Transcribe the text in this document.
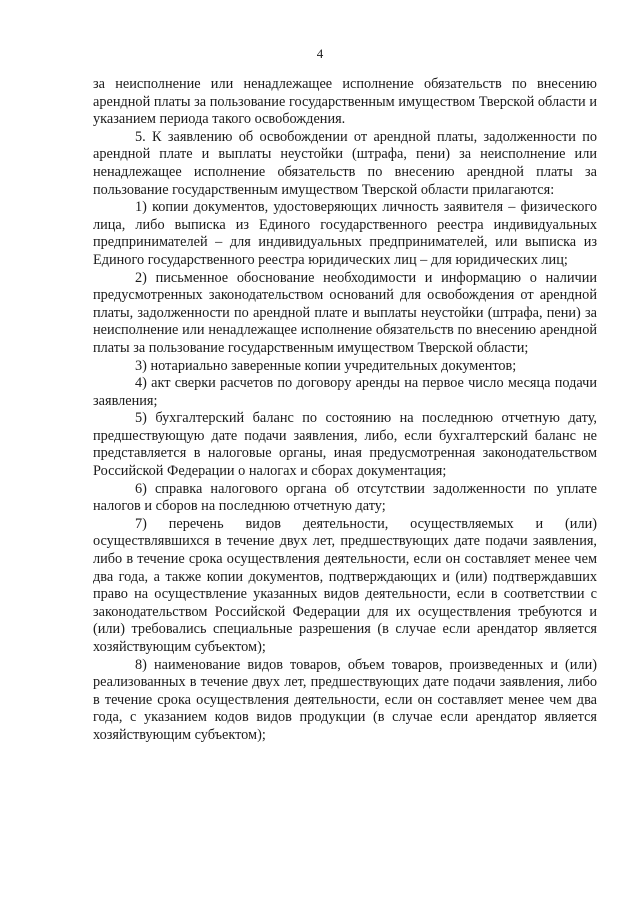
4

за неисполнение или ненадлежащее исполнение обязательств по внесению арендной платы за пользование государственным имуществом Тверской области и указанием периода такого освобождения.

5. К заявлению об освобождении от арендной платы, задолженности по арендной плате и выплаты неустойки (штрафа, пени) за неисполнение или ненадлежащее исполнение обязательств по внесению арендной платы за пользование государственным имуществом Тверской области прилагаются:

1) копии документов, удостоверяющих личность заявителя – физического лица, либо выписка из Единого государственного реестра индивидуальных предпринимателей – для индивидуальных предпринимателей, или выписка из Единого государственного реестра юридических лиц – для юридических лиц;

2) письменное обоснование необходимости и информацию о наличии предусмотренных законодательством оснований для освобождения от арендной платы, задолженности по арендной плате и выплаты неустойки (штрафа, пени) за неисполнение или ненадлежащее исполнение обязательств по внесению арендной платы за пользование государственным имуществом Тверской области;

3) нотариально заверенные копии учредительных документов;

4) акт сверки расчетов по договору аренды на первое число месяца подачи заявления;

5) бухгалтерский баланс по состоянию на последнюю отчетную дату, предшествующую дате подачи заявления, либо, если бухгалтерский баланс не представляется в налоговые органы, иная предусмотренная законодательством Российской Федерации о налогах и сборах документация;

6) справка налогового органа об отсутствии задолженности по уплате налогов и сборов на последнюю отчетную дату;

7) перечень видов деятельности, осуществляемых и (или) осуществлявшихся в течение двух лет, предшествующих дате подачи заявления, либо в течение срока осуществления деятельности, если он составляет менее чем два года, а также копии документов, подтверждающих и (или) подтверждавших право на осуществление указанных видов деятельности, если в соответствии с законодательством Российской Федерации для их осуществления требуются и (или) требовались специальные разрешения (в случае если арендатор является хозяйствующим субъектом);

8) наименование видов товаров, объем товаров, произведенных и (или) реализованных в течение двух лет, предшествующих дате подачи заявления, либо в течение срока осуществления деятельности, если он составляет менее чем два года, с указанием кодов видов продукции (в случае если арендатор является хозяйствующим субъектом);
